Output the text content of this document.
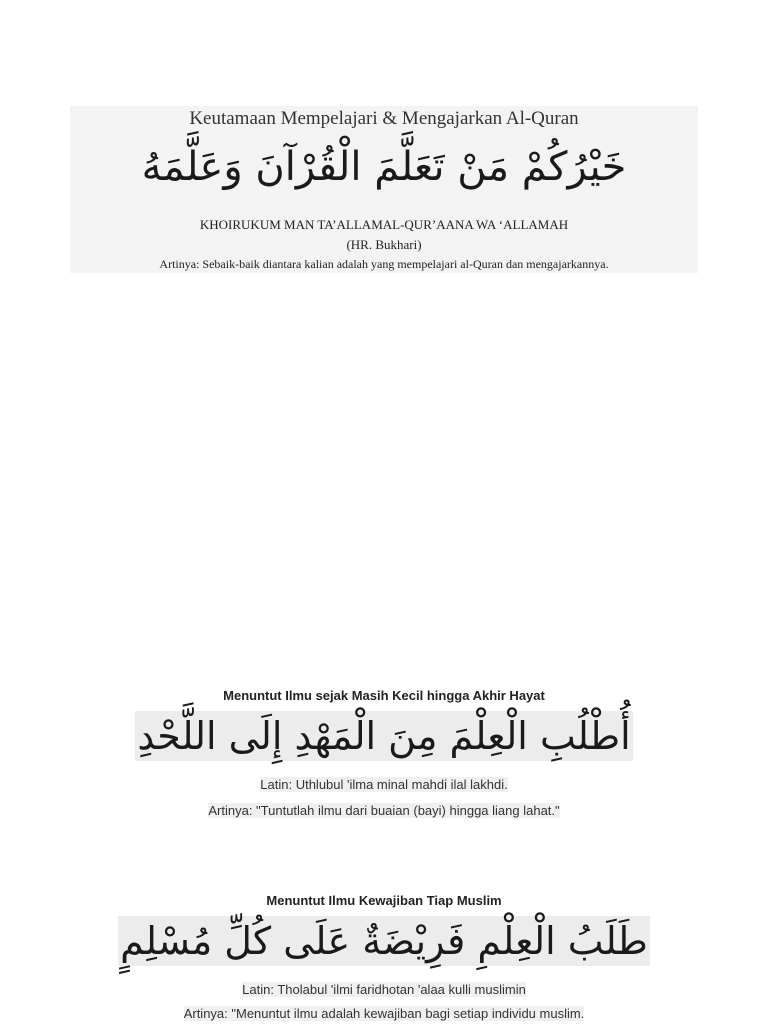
Keutamaan Mempelajari & Mengajarkan Al-Quran
خَيْرُكُمْ مَنْ تَعَلَّمَ الْقُرْآنَ وَعَلَّمَهُ
KHOIRUKUM MAN TA’ALLAMAL-QUR’AANA WA ‘ALLAMAH
(HR. Bukhari)
Artinya: Sebaik-baik diantara kalian adalah yang mempelajari al-Quran dan mengajarkannya.
Menuntut Ilmu sejak Masih Kecil hingga Akhir Hayat
أُطْلُبِ الْعِلْمَ مِنَ الْمَهْدِ إِلَى اللَّحْدِ
Latin: Uthlubul 'ilma minal mahdi ilal lakhdi.
Artinya: "Tuntutlah ilmu dari buaian (bayi) hingga liang lahat."
Menuntut Ilmu Kewajiban Tiap Muslim
طَلَبُ الْعِلْمِ فَرِيْضَةٌ عَلَى كُلِّ مُسْلِمٍ
Latin: Tholabul 'ilmi faridhotan 'alaa kulli muslimin
Artinya: "Menuntut ilmu adalah kewajiban bagi setiap individu muslim.
